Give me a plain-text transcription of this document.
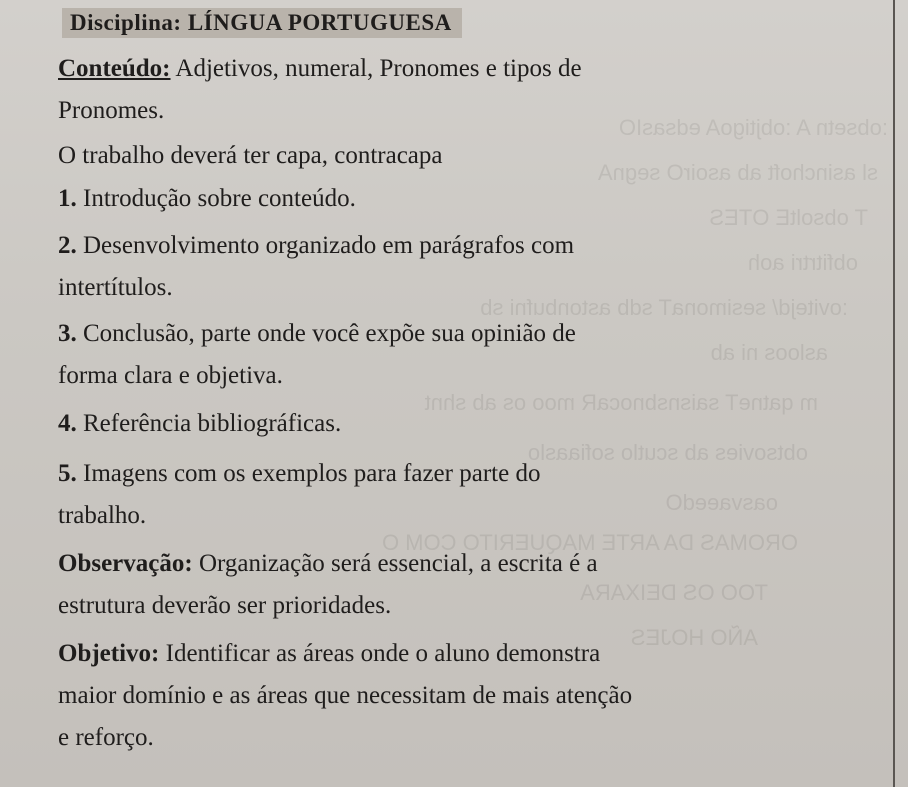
:obsetn A :objtigoA edsasIO
sl asinchoft ab asoirO segnA
T obsoltE OTES
obfitrtri aoh
:ovitejd/ sesimonaT sdb astonbufni sb
asloos ni ab
m qatneT saisnsbnocaR moo os ab shnt
obtsovies ab scutlo sofiaaslo
oasvaeedO
OROMAS DA ARTE MAQUERITO COM O
TOO OS DEIXARA
AÑO HOJES
Disciplina: LÍNGUA PORTUGUESA
Conteúdo: Adjetivos, numeral, Pronomes e tipos de
Pronomes.
O trabalho deverá ter capa, contracapa
1. Introdução sobre conteúdo.
2. Desenvolvimento organizado em parágrafos com
intertítulos.
3. Conclusão, parte onde você expõe sua opinião de
forma clara e objetiva.
4. Referência bibliográficas.
5. Imagens com os exemplos para fazer parte do
trabalho.
Observação: Organização será essencial, a escrita é a
estrutura deverão ser prioridades.
Objetivo: Identificar as áreas onde o aluno demonstra
maior domínio e as áreas que necessitam de mais atenção
e reforço.
